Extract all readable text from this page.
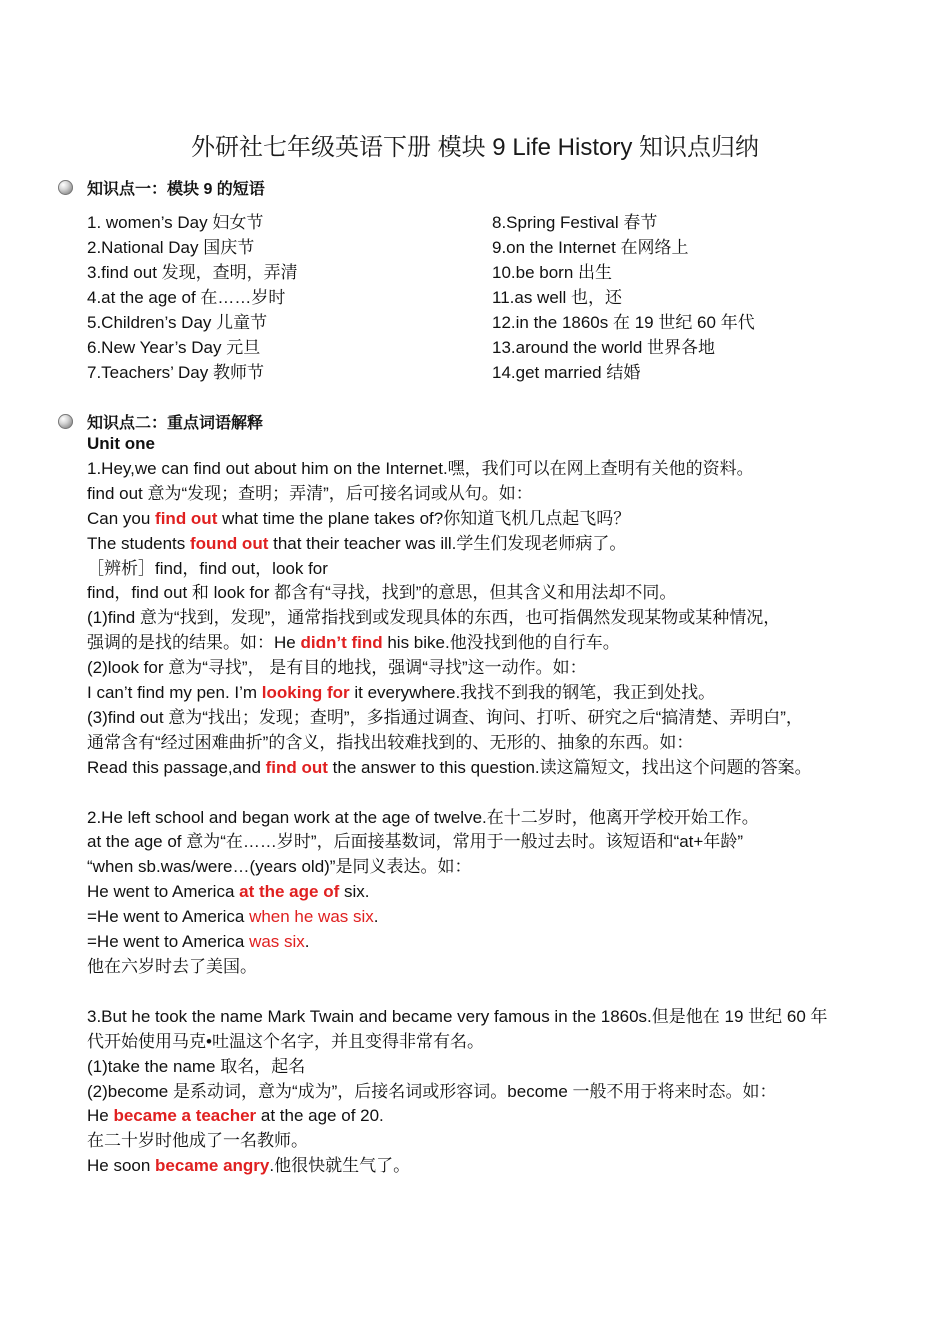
外研社七年级英语下册 模块 9 Life History 知识点归纳
知识点一：模块 9 的短语
1. women’s Day 妇女节
2.National Day 国庆节
3.find out 发现，查明，弄清
4.at the age of 在……岁时
5.Children’s Day 儿童节
6.New Year’s Day 元旦
7.Teachers’ Day 教师节
8.Spring Festival 春节
9.on the Internet 在网络上
10.be born 出生
11.as well 也，还
12.in the 1860s 在 19 世纪 60 年代
13.around the world 世界各地
14.get married 结婚
知识点二：重点词语解释
Unit one
1.Hey,we can find out about him on the Internet.嘿，我们可以在网上查明有关他的资料。
find out 意为“发现；查明；弄清”，后可接名词或从句。如：
Can you find out what time the plane takes of?你知道飞机几点起飞吗？
The students found out that their teacher was ill.学生们发现老师病了。
［辨析］find，find out，look for
find，find out 和 look for 都含有“寻找，找到”的意思，但其含义和用法却不同。
(1)find 意为“找到，发现”，通常指找到或发现具体的东西，也可指偶然发现某物或某种情况，
强调的是找的结果。如：He didn’t find his bike.他没找到他的自行车。
(2)look for 意为“寻找”， 是有目的地找，强调“寻找”这一动作。如：
I can’t find my pen. I’m looking for it everywhere.我找不到我的钢笔，我正到处找。
(3)find out 意为“找出；发现；查明”，多指通过调查、询问、打听、研究之后“搞清楚、弄明白”，
通常含有“经过困难曲折”的含义，指找出较难找到的、无形的、抽象的东西。如：
Read this passage,and find out the answer to this question.读这篇短文，找出这个问题的答案。
2.He left school and began work at the age of twelve.在十二岁时，他离开学校开始工作。
at the age of 意为“在……岁时”，后面接基数词，常用于一般过去时。该短语和“at+年龄”
“when sb.was/were…(years old)”是同义表达。如：
He went to America at the age of six.
=He went to America when he was six.
=He went to America was six.
他在六岁时去了美国。
3.But he took the name Mark Twain and became very famous in the 1860s.但是他在 19 世纪 60 年
代开始使用马克•吐温这个名字，并且变得非常有名。
(1)take the name 取名，起名
(2)become 是系动词，意为“成为”，后接名词或形容词。become 一般不用于将来时态。如：
He became a teacher at the age of 20.
在二十岁时他成了一名教师。
He soon became angry.他很快就生气了。
